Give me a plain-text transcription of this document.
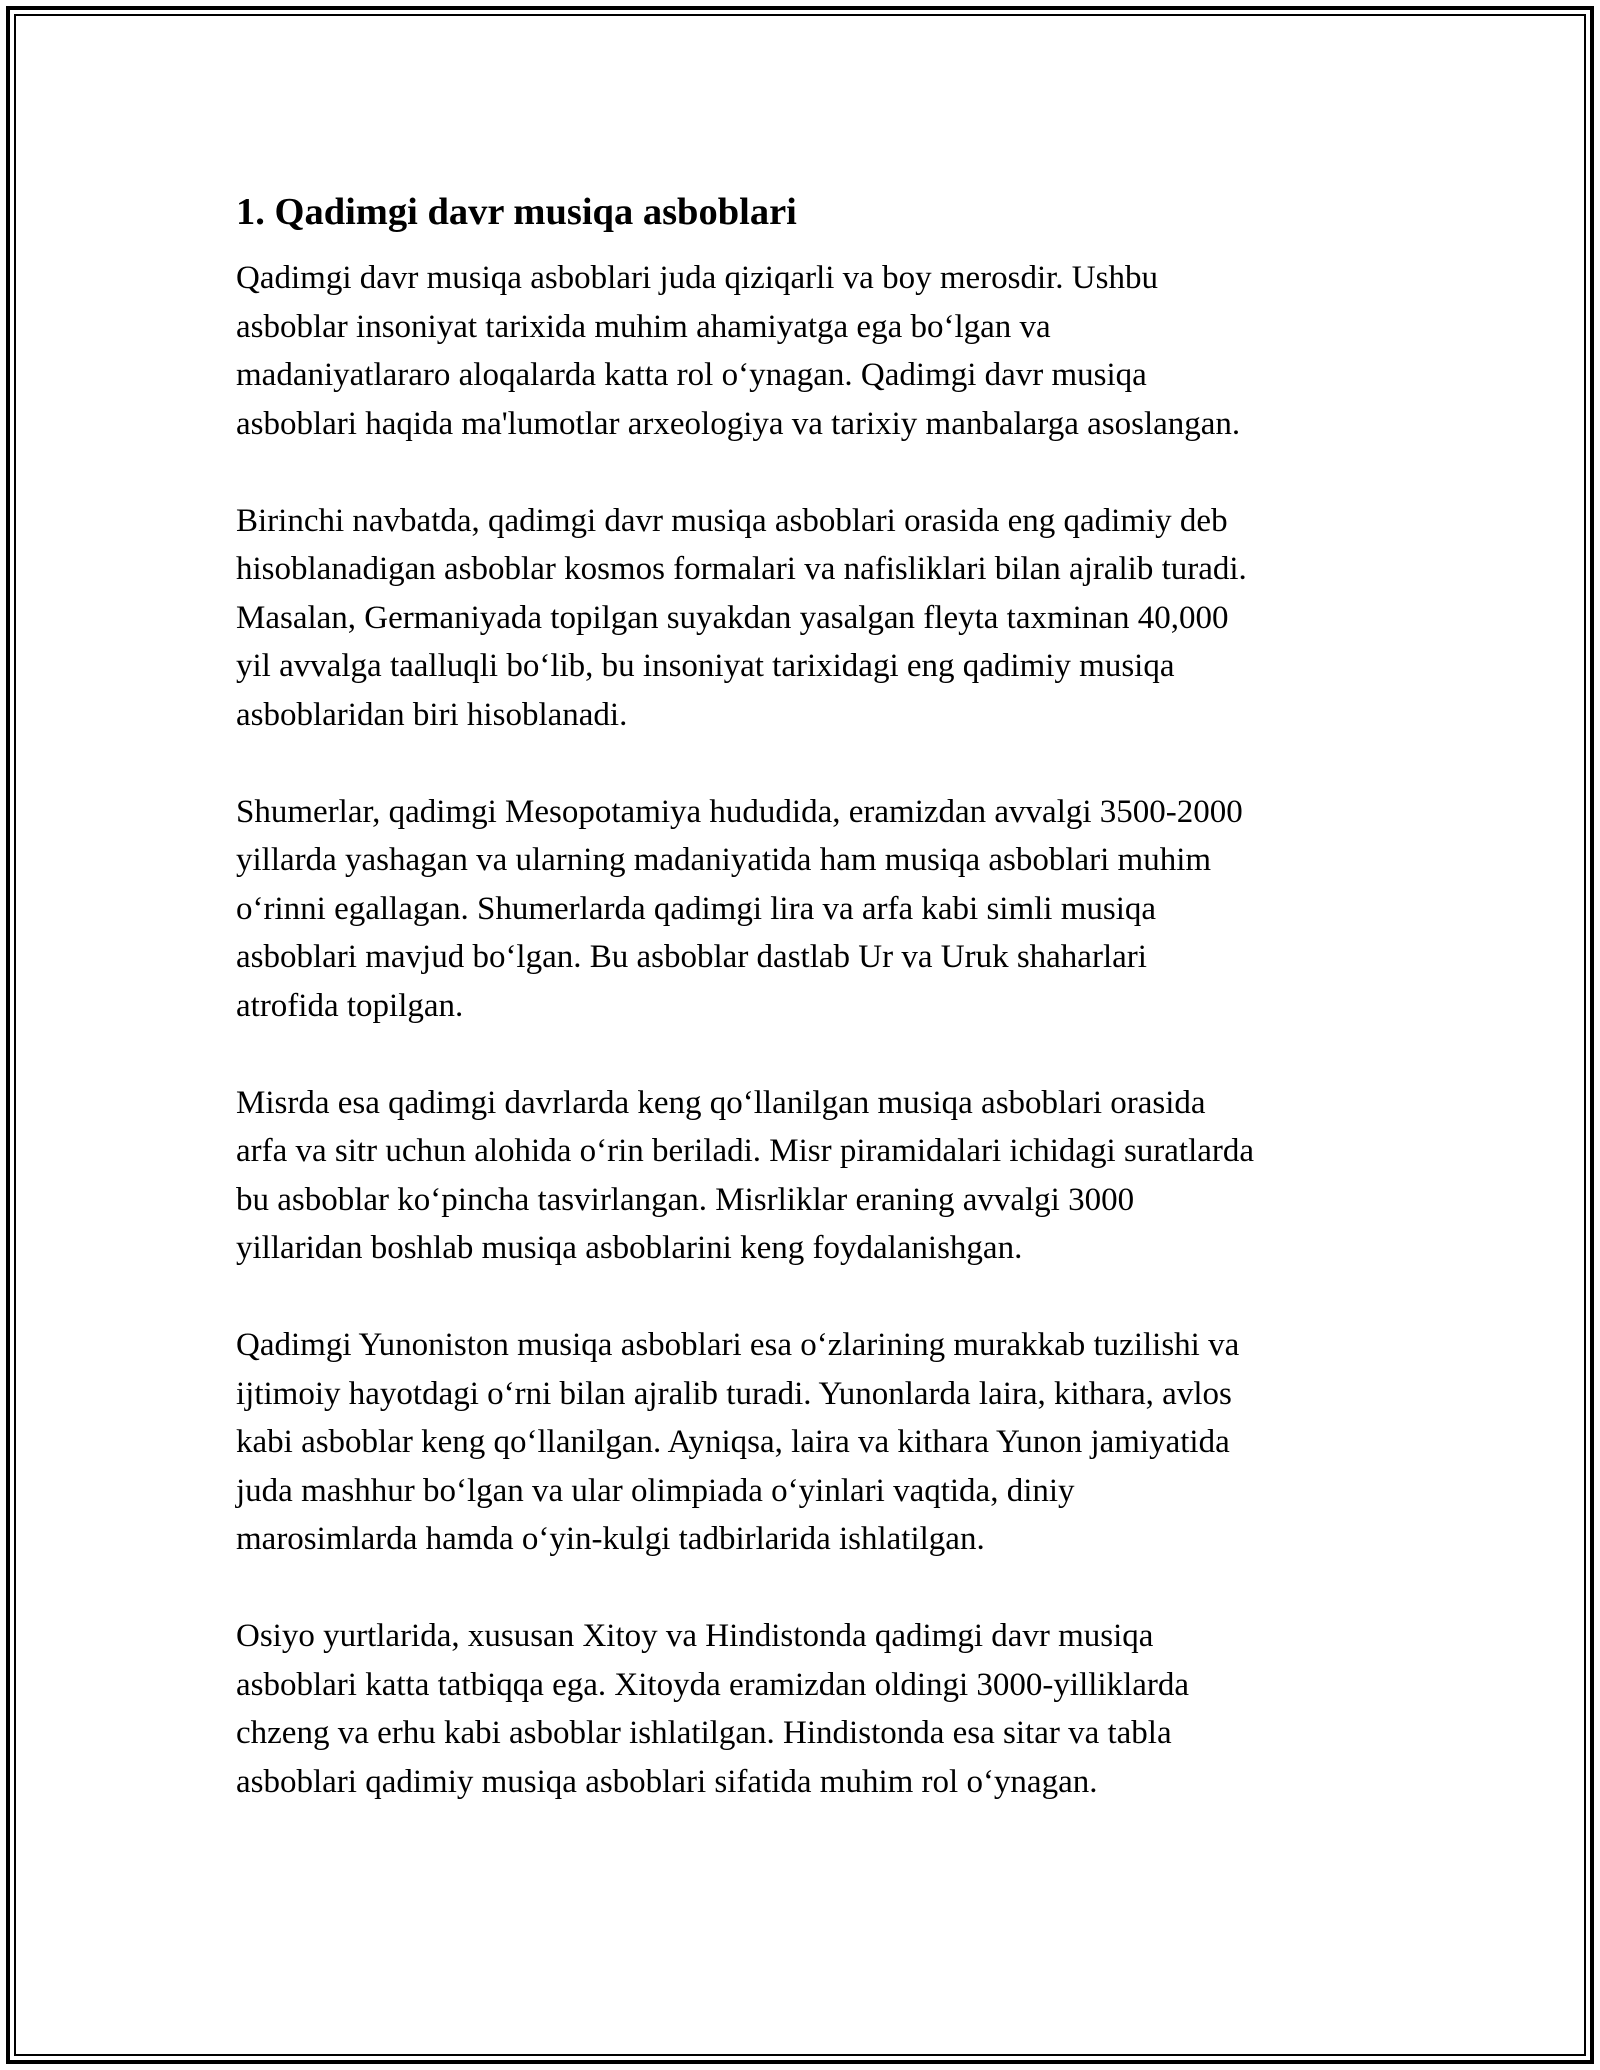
1. Qadimgi davr musiqa asboblari

Qadimgi davr musiqa asboblari juda qiziqarli va boy merosdir. Ushbu
asboblar insoniyat tarixida muhim ahamiyatga ega boʻlgan va
madaniyatlararo aloqalarda katta rol oʻynagan. Qadimgi davr musiqa
asboblari haqida ma'lumotlar arxeologiya va tarixiy manbalarga asoslangan.

Birinchi navbatda, qadimgi davr musiqa asboblari orasida eng qadimiy deb
hisoblanadigan asboblar kosmos formalari va nafisliklari bilan ajralib turadi.
Masalan, Germaniyada topilgan suyakdan yasalgan fleyta taxminan 40,000
yil avvalga taalluqli boʻlib, bu insoniyat tarixidagi eng qadimiy musiqa
asboblaridan biri hisoblanadi.

Shumerlar, qadimgi Mesopotamiya hududida, eramizdan avvalgi 3500-2000
yillarda yashagan va ularning madaniyatida ham musiqa asboblari muhim
oʻrinni egallagan. Shumerlarda qadimgi lira va arfa kabi simli musiqa
asboblari mavjud boʻlgan. Bu asboblar dastlab Ur va Uruk shaharlari
atrofida topilgan.

Misrda esa qadimgi davrlarda keng qoʻllanilgan musiqa asboblari orasida
arfa va sitr uchun alohida oʻrin beriladi. Misr piramidalari ichidagi suratlarda
bu asboblar koʻpincha tasvirlangan. Misrliklar eraning avvalgi 3000
yillaridan boshlab musiqa asboblarini keng foydalanishgan.

Qadimgi Yunoniston musiqa asboblari esa oʻzlarining murakkab tuzilishi va
ijtimoiy hayotdagi oʻrni bilan ajralib turadi. Yunonlarda laira, kithara, avlos
kabi asboblar keng qoʻllanilgan. Ayniqsa, laira va kithara Yunon jamiyatida
juda mashhur boʻlgan va ular olimpiada oʻyinlari vaqtida, diniy
marosimlarda hamda oʻyin-kulgi tadbirlarida ishlatilgan.

Osiyo yurtlarida, xususan Xitoy va Hindistonda qadimgi davr musiqa
asboblari katta tatbiqqa ega. Xitoyda eramizdan oldingi 3000-yilliklarda
chzeng va erhu kabi asboblar ishlatilgan. Hindistonda esa sitar va tabla
asboblari qadimiy musiqa asboblari sifatida muhim rol oʻynagan.
